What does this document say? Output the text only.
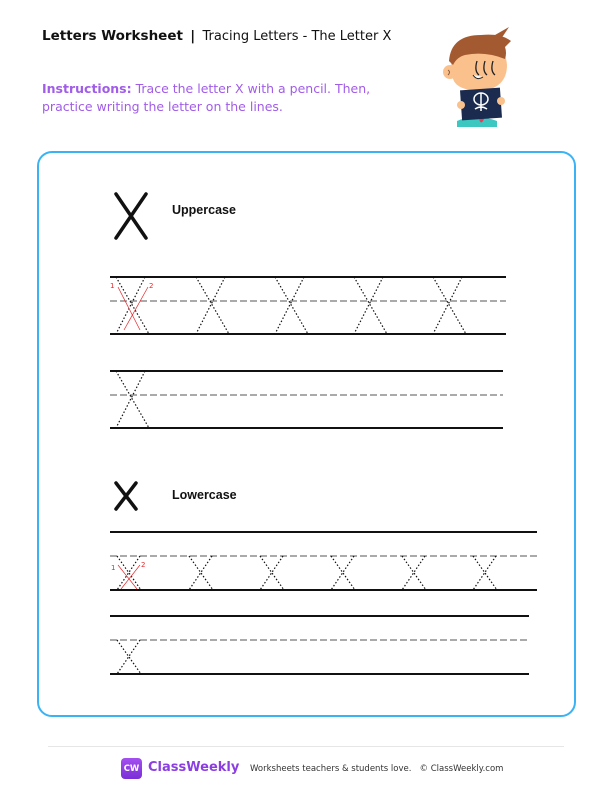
Letters Worksheet | Tracing Letters - The Letter X
Instructions: Trace the letter X with a pencil. Then, practice writing the letter on the lines.
Uppercase
Lowercase
1	2
1	2
CW ClassWeekly Worksheets teachers & students love. © ClassWeekly.com
